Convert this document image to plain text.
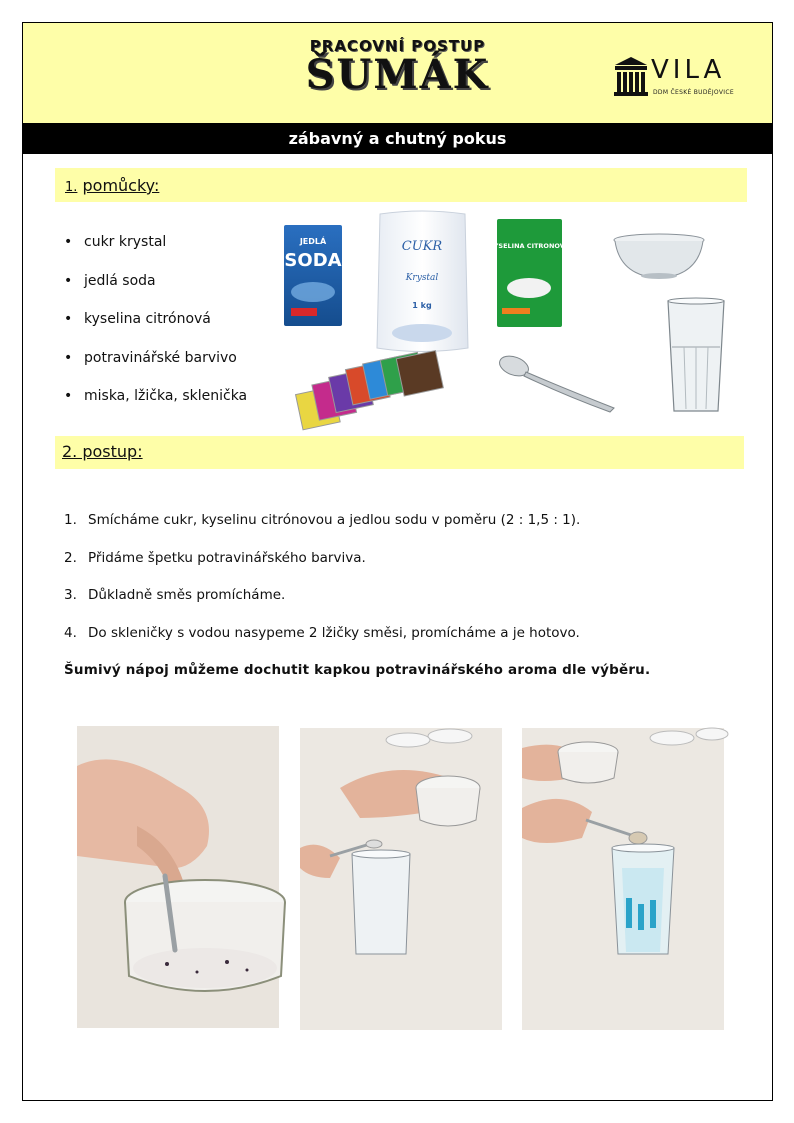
PRACOVNÍ POSTUP
ŠUMÁK	VILA
DDM ČESKÉ BUDĚJOVICE
zábavný a chutný pokus
1. pomůcky:
• cukr krystal
• jedlá soda
• kyselina citrónová
• potravinářské barvivo
• miska, lžička, sklenička
JEDLÁ
SODA
CUKR
Krystal
1 kg
KYSELINA CITRONOVÁ
2. postup:
1. Smícháme cukr, kyselinu citrónovou a jedlou sodu v poměru (2 : 1,5 : 1).
2. Přidáme špetku potravinářského barviva.
3. Důkladně směs promícháme.
4. Do skleničky s vodou nasypeme 2 lžičky směsi, promícháme a je hotovo.
Šumivý nápoj můžeme dochutit kapkou potravinářského aroma dle výběru.
